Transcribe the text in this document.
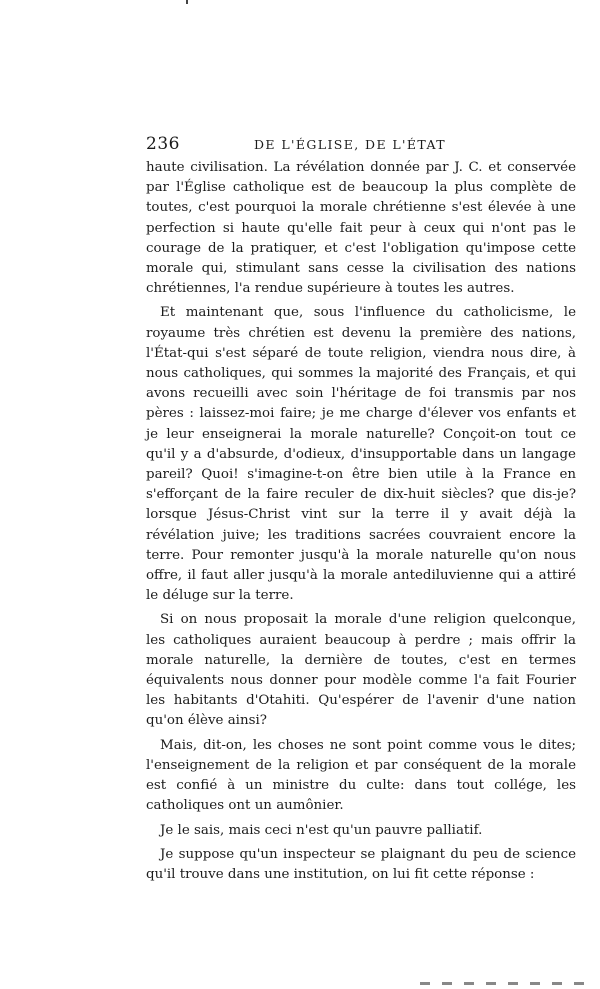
236	DE L'ÉGLISE, DE L'ÉTAT

haute civilisation. La révélation donnée par J. C. et conservée par l'Église catholique est de beaucoup la plus complète de toutes, c'est pourquoi la morale chrétienne s'est élevée à une perfection si haute qu'elle fait peur à ceux qui n'ont pas le courage de la pratiquer, et c'est l'obligation qu'impose cette morale qui, stimulant sans cesse la civilisation des nations chrétiennes, l'a rendue supérieure à toutes les autres.

Et maintenant que, sous l'influence du catholicisme, le royaume très chrétien est devenu la première des nations, l'État-qui s'est séparé de toute religion, viendra nous dire, à nous catholiques, qui sommes la majorité des Français, et qui avons recueilli avec soin l'héritage de foi transmis par nos pères : laissez-moi faire; je me charge d'élever vos enfants et je leur enseignerai la morale naturelle? Conçoit-on tout ce qu'il y a d'absurde, d'odieux, d'insupportable dans un langage pareil? Quoi! s'imagine-t-on être bien utile à la France en s'efforçant de la faire reculer de dix-huit siècles? que dis-je? lorsque Jésus-Christ vint sur la terre il y avait déjà la révélation juive; les traditions sacrées couvraient encore la terre. Pour remonter jusqu'à la morale naturelle qu'on nous offre, il faut aller jusqu'à la morale antediluvienne qui a attiré le déluge sur la terre.

Si on nous proposait la morale d'une religion quelconque, les catholiques auraient beaucoup à perdre ; mais offrir la morale naturelle, la dernière de toutes, c'est en termes équivalents nous donner pour modèle comme l'a fait Fourier les habitants d'Otahiti. Qu'espérer de l'avenir d'une nation qu'on élève ainsi?

Mais, dit-on, les choses ne sont point comme vous le dites; l'enseignement de la religion et par conséquent de la morale est confié à un ministre du culte: dans tout collége, les catholiques ont un aumônier.

Je le sais, mais ceci n'est qu'un pauvre palliatif.

Je suppose qu'un inspecteur se plaignant du peu de science qu'il trouve dans une institution, on lui fit cette réponse :
